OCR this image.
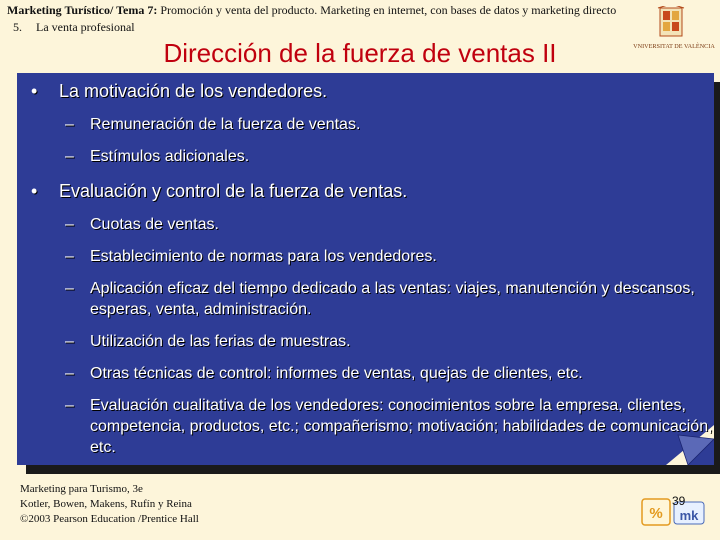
Marketing Turístico/ Tema 7: Promoción y venta del producto. Marketing en internet, con bases de datos y marketing directo
5. La venta profesional
VNIVERSITAT DE VALÈNCIA
Dirección de la fuerza de ventas II
• La motivación de los vendedores.
– Remuneración de la fuerza de ventas.
– Estímulos adicionales.
• Evaluación y control de la fuerza de ventas.
– Cuotas de ventas.
– Establecimiento de normas para los vendedores.
– Aplicación eficaz del tiempo dedicado a las ventas: viajes, manutención y descansos, esperas, venta, administración.
– Utilización de las ferias de muestras.
– Otras técnicas de control: informes de ventas, quejas de clientes, etc.
– Evaluación cualitativa de los vendedores: conocimientos sobre la empresa, clientes, competencia, productos, etc.; compañerismo; motivación; habilidades de comunicación, etc.
Marketing para Turismo, 3e
Kotler, Bowen, Makens, Rufín y Reina
©2003 Pearson Education /Prentice Hall	% mk
39
